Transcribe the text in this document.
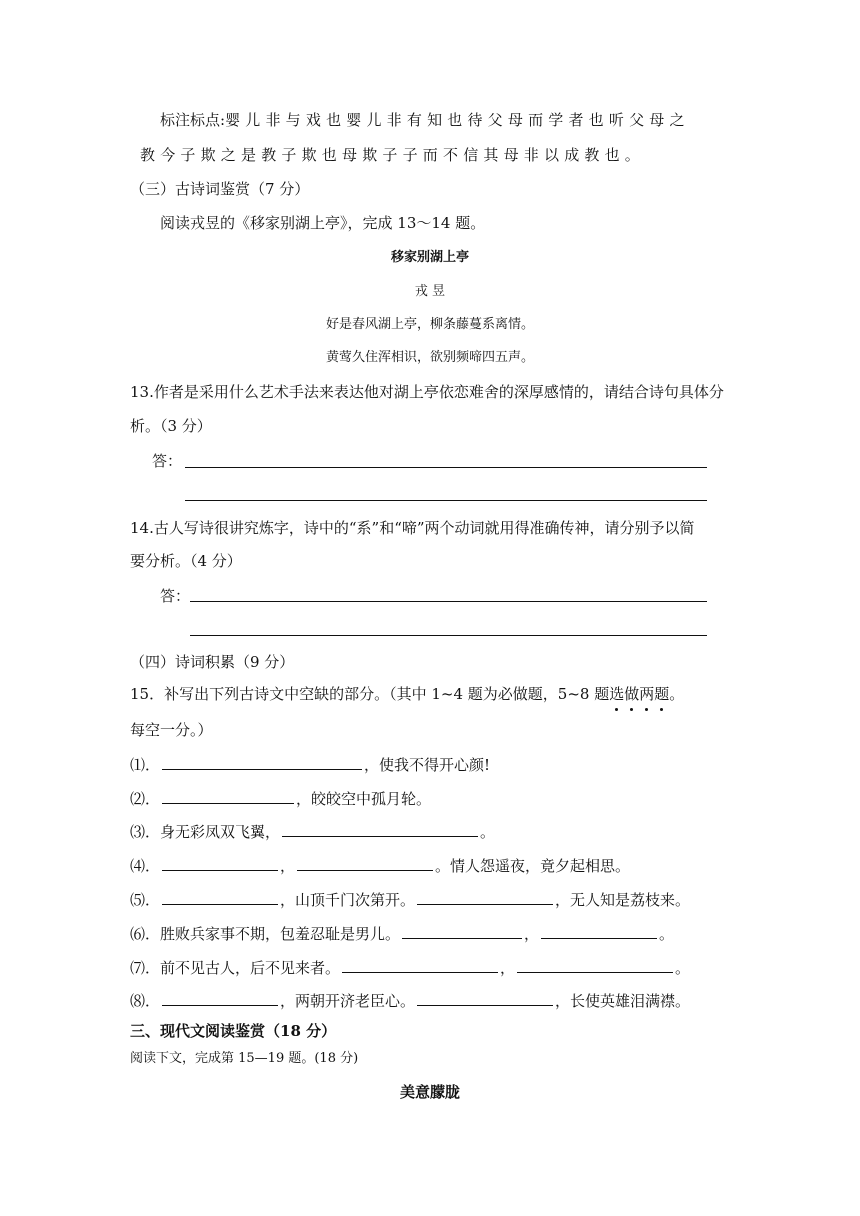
标注标点:婴儿非与戏也婴儿非有知也待父母而学者也听父母之
教今子欺之是教子欺也母欺子子而不信其母非以成教也。
（三）古诗词鉴赏（7 分）
阅读戎昱的《移家别湖上亭》，完成 13～14 题。
移家别湖上亭
戎 昱
好是春风湖上亭，柳条藤蔓系离情。
黄莺久住浑相识，欲别频啼四五声。
13.作者是采用什么艺术手法来表达他对湖上亭依恋难舍的深厚感情的，请结合诗句具体分
析。（3 分）
答：
14.古人写诗很讲究炼字，诗中的“系”和“啼”两个动词就用得准确传神，请分别予以简
要分析。（4 分）
答：
（四）诗词积累（9 分）
15．补写出下列古诗文中空缺的部分。（其中 1~4 题为必做题，5~8 题选做两题。
每空一分。）
⑴．	，使我不得开心颜!
⑵．	，皎皎空中孤月轮。
⑶．身无彩凤双飞翼，	。
⑷．	，	。情人怨遥夜，竟夕起相思。
⑸．	，山顶千门次第开。	，无人知是荔枝来。
⑹．胜败兵家事不期，包羞忍耻是男儿。	，	。
⑺．前不见古人，后不见来者。	，	。
⑻．	，两朝开济老臣心。	，长使英雄泪满襟。
三、现代文阅读鉴赏（18 分）
阅读下文，完成第 15—19 题。(18 分)
美意朦胧
